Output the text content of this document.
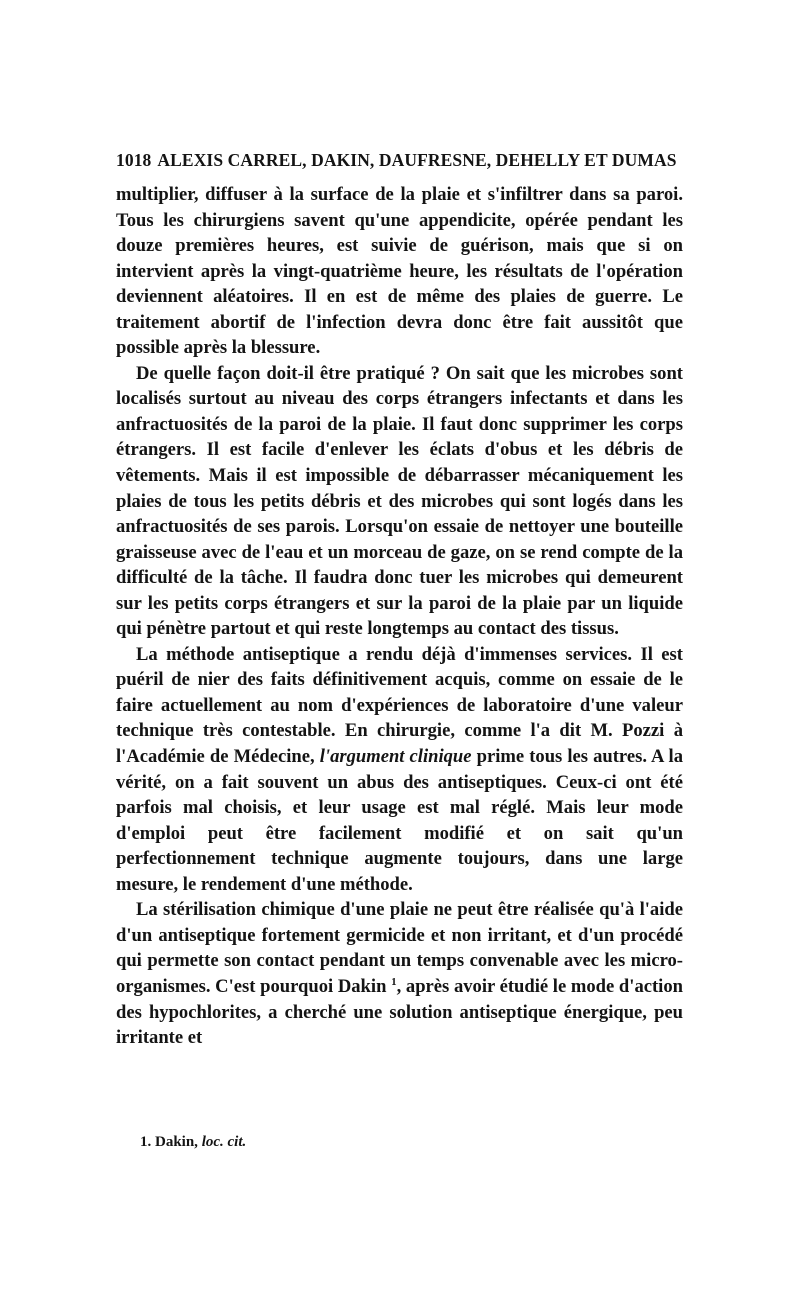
1018 ALEXIS CARREL, DAKIN, DAUFRESNE, DEHELLY ET DUMAS

multiplier, diffuser à la surface de la plaie et s'infiltrer dans sa paroi. Tous les chirurgiens savent qu'une appendicite, opérée pendant les douze premières heures, est suivie de guérison, mais que si on intervient après la vingt-quatrième heure, les résultats de l'opération deviennent aléatoires. Il en est de même des plaies de guerre. Le traitement abortif de l'infection devra donc être fait aussitôt que possible après la blessure.

De quelle façon doit-il être pratiqué ? On sait que les microbes sont localisés surtout au niveau des corps étrangers infectants et dans les anfractuosités de la paroi de la plaie. Il faut donc supprimer les corps étrangers. Il est facile d'enlever les éclats d'obus et les débris de vêtements. Mais il est impossible de débarrasser mécaniquement les plaies de tous les petits débris et des microbes qui sont logés dans les anfractuosités de ses parois. Lorsqu'on essaie de nettoyer une bouteille graisseuse avec de l'eau et un morceau de gaze, on se rend compte de la difficulté de la tâche. Il faudra donc tuer les microbes qui demeurent sur les petits corps étrangers et sur la paroi de la plaie par un liquide qui pénètre partout et qui reste longtemps au contact des tissus.

La méthode antiseptique a rendu déjà d'immenses services. Il est puéril de nier des faits définitivement acquis, comme on essaie de le faire actuellement au nom d'expériences de laboratoire d'une valeur technique très contestable. En chirurgie, comme l'a dit M. Pozzi à l'Académie de Médecine, l'argument clinique prime tous les autres. A la vérité, on a fait souvent un abus des antiseptiques. Ceux-ci ont été parfois mal choisis, et leur usage est mal réglé. Mais leur mode d'emploi peut être facilement modifié et on sait qu'un perfectionnement technique augmente toujours, dans une large mesure, le rendement d'une méthode.

La stérilisation chimique d'une plaie ne peut être réalisée qu'à l'aide d'un antiseptique fortement germicide et non irritant, et d'un procédé qui permette son contact pendant un temps convenable avec les micro-organismes. C'est pourquoi Dakin $^1$, après avoir étudié le mode d'action des hypochlorites, a cherché une solution antiseptique énergique, peu irritante et

1. Dakin, loc. cit.
